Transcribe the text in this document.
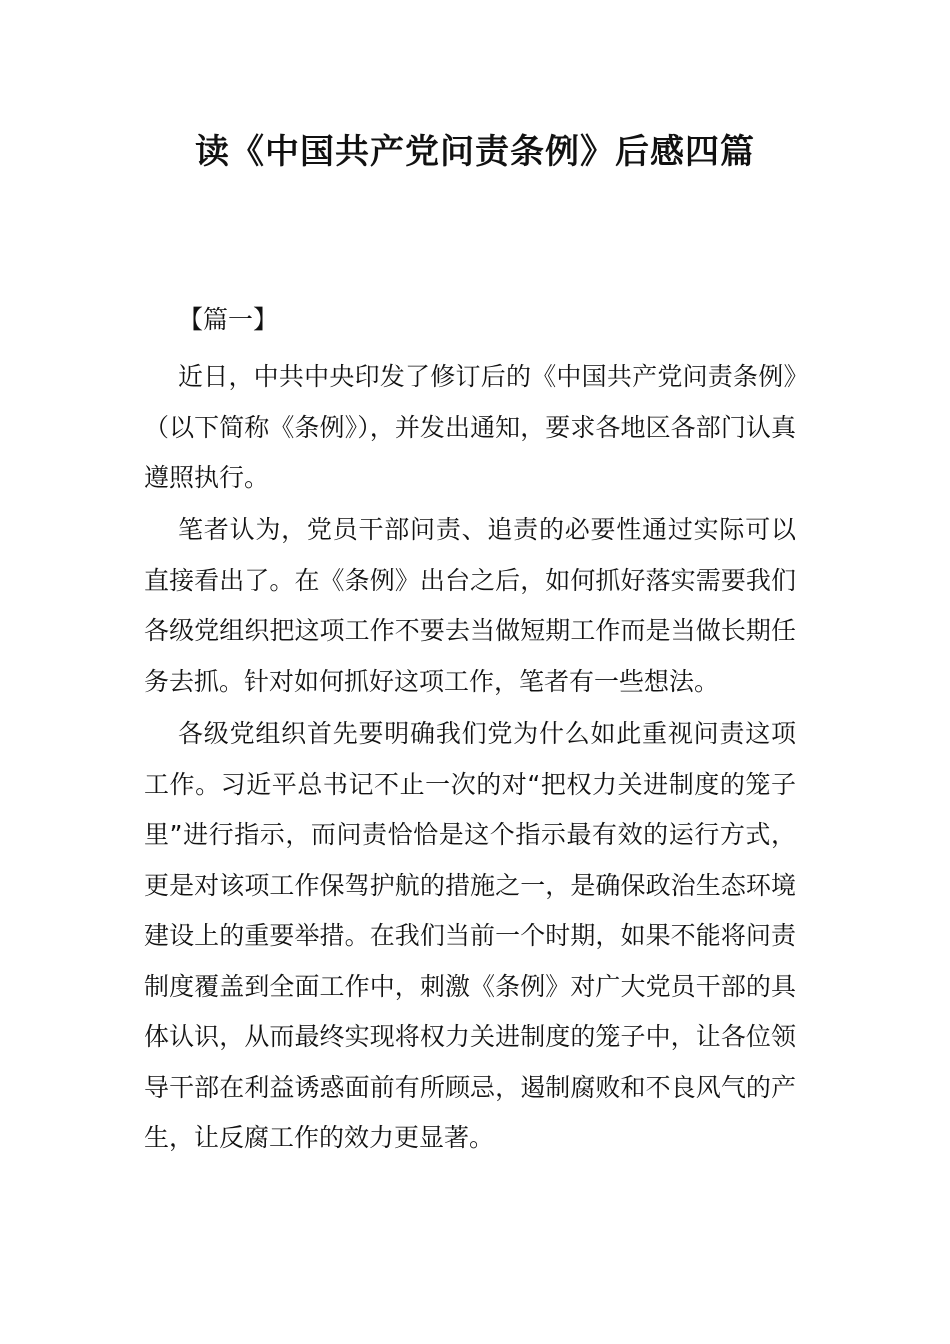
读《中国共产党问责条例》后感四篇

【篇一】

近日，中共中央印发了修订后的《中国共产党问责条例》（以下简称《条例》），并发出通知，要求各地区各部门认真遵照执行。

笔者认为，党员干部问责、追责的必要性通过实际可以直接看出了。在《条例》出台之后，如何抓好落实需要我们各级党组织把这项工作不要去当做短期工作而是当做长期任务去抓。针对如何抓好这项工作，笔者有一些想法。

各级党组织首先要明确我们党为什么如此重视问责这项工作。习近平总书记不止一次的对“把权力关进制度的笼子里”进行指示，而问责恰恰是这个指示最有效的运行方式，更是对该项工作保驾护航的措施之一，是确保政治生态环境建设上的重要举措。在我们当前一个时期，如果不能将问责制度覆盖到全面工作中，刺激《条例》对广大党员干部的具体认识，从而最终实现将权力关进制度的笼子中，让各位领导干部在利益诱惑面前有所顾忌，遏制腐败和不良风气的产生，让反腐工作的效力更显著。
